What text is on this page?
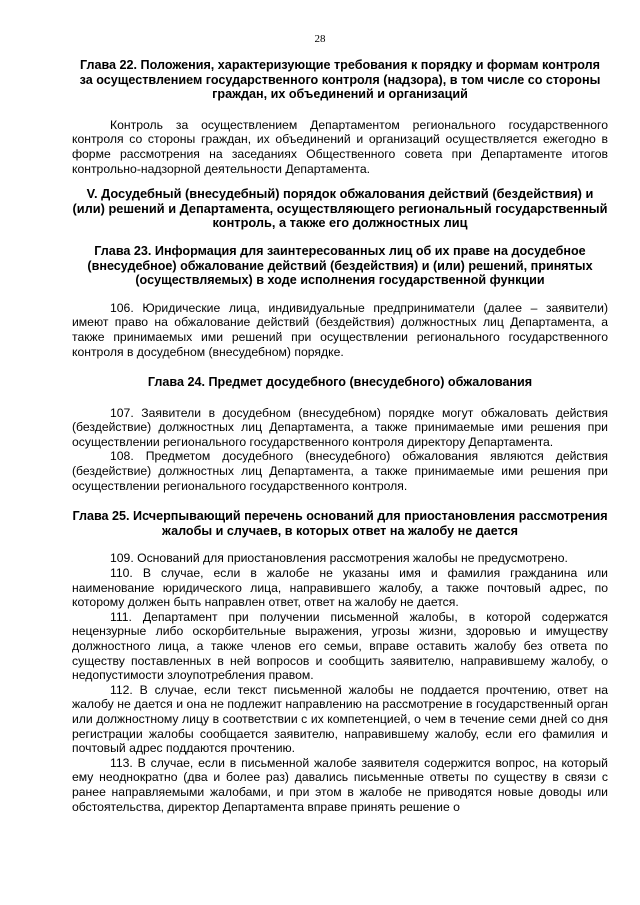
28
Глава 22. Положения, характеризующие требования к порядку и формам контроля за осуществлением государственного контроля (надзора), в том числе со стороны граждан, их объединений и организаций

Контроль за осуществлением Департаментом регионального государственного контроля со стороны граждан, их объединений и организаций осуществляется ежегодно в форме рассмотрения на заседаниях Общественного совета при Департаменте итогов контрольно-надзорной деятельности Департамента.

V. Досудебный (внесудебный) порядок обжалования действий (бездействия) и (или) решений и Департамента, осуществляющего региональный государственный контроль, а также его должностных лиц
Глава 23. Информация для заинтересованных лиц об их праве на досудебное (внесудебное) обжалование действий (бездействия) и (или) решений, принятых (осуществляемых) в ходе исполнения государственной функции

106. Юридические лица, индивидуальные предприниматели (далее – заявители) имеют право на обжалование действий (бездействия) должностных лиц Департамента, а также принимаемых ими решений при осуществлении регионального государственного контроля в досудебном (внесудебном) порядке.

Глава 24. Предмет досудебного (внесудебного) обжалования

107. Заявители в досудебном (внесудебном) порядке могут обжаловать действия (бездействие) должностных лиц Департамента, а также принимаемые ими решения при осуществлении регионального государственного контроля директору Департамента.

108. Предметом досудебного (внесудебного) обжалования являются действия (бездействие) должностных лиц Департамента, а также принимаемые ими решения при осуществлении регионального государственного контроля.

Глава 25. Исчерпывающий перечень оснований для приостановления рассмотрения жалобы и случаев, в которых ответ на жалобу не дается

109. Оснований для приостановления рассмотрения жалобы не предусмотрено.

110. В случае, если в жалобе не указаны имя и фамилия гражданина или наименование юридического лица, направившего жалобу, а также почтовый адрес, по которому должен быть направлен ответ, ответ на жалобу не дается.

111. Департамент при получении письменной жалобы, в которой содержатся нецензурные либо оскорбительные выражения, угрозы жизни, здоровью и имуществу должностного лица, а также членов его семьи, вправе оставить жалобу без ответа по существу поставленных в ней вопросов и сообщить заявителю, направившему жалобу, о недопустимости злоупотребления правом.

112. В случае, если текст письменной жалобы не поддается прочтению, ответ на жалобу не дается и она не подлежит направлению на рассмотрение в государственный орган или должностному лицу в соответствии с их компетенцией, о чем в течение семи дней со дня регистрации жалобы сообщается заявителю, направившему жалобу, если его фамилия и почтовый адрес поддаются прочтению.

113. В случае, если в письменной жалобе заявителя содержится вопрос, на который ему неоднократно (два и более раз) давались письменные ответы по существу в связи с ранее направляемыми жалобами, и при этом в жалобе не приводятся новые доводы или обстоятельства, директор Департамента вправе принять решение о
